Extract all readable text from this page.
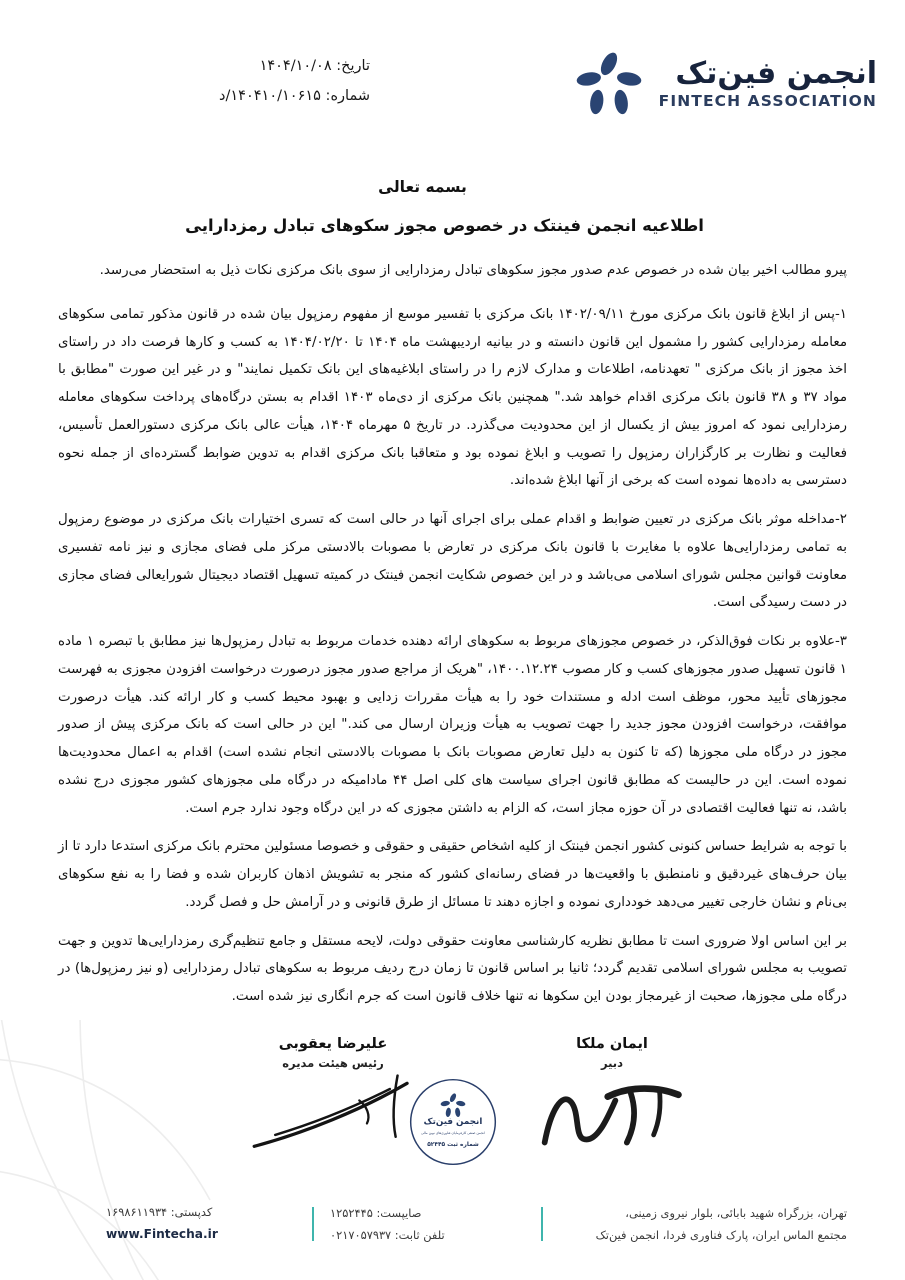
تاریخ: ۱۴۰۴/۱۰/۰۸
شماره: ۱۴۰۴۱۰/۱۰۶۱۵/د
انجمن فین‌تک
FINTECH ASSOCIATION
بسمه تعالی
اطلاعیه انجمن فینتک در خصوص مجوز سکوهای تبادل رمزدارایی

پیرو مطالب اخیر بیان شده در خصوص عدم صدور مجوز سکوهای تبادل رمزدارایی از سوی بانک مرکزی نکات ذیل به استحضار می‌رسد.

۱-پس از ابلاغ قانون بانک مرکزی مورخ ۱۴۰۲/۰۹/۱۱ بانک مرکزی با تفسیر موسع از مفهوم رمزپول بیان شده در قانون مذکور تمامی سکوهای معامله رمزدارایی کشور را مشمول این قانون دانسته و در بیانیه اردیبهشت ماه ۱۴۰۴ تا ۱۴۰۴/۰۲/۲۰ به کسب و کارها فرصت داد در راستای اخذ مجوز از بانک مرکزی " تعهدنامه، اطلاعات و مدارک لازم را در راستای ابلاغیه‌های این بانک تکمیل نمایند" و در غیر این صورت "مطابق با مواد ۳۷ و ۳۸ قانون بانک مرکزی اقدام خواهد شد." همچنین بانک مرکزی از دی‌ماه ۱۴۰۳ اقدام به بستن درگاه‌های پرداخت سکوهای معامله رمزدارایی نمود که امروز بیش از یکسال از این محدودیت می‌گذرد. در تاریخ ۵ مهرماه ۱۴۰۴، هیأت عالی بانک مرکزی دستورالعمل تأسیس، فعالیت و نظارت بر کارگزاران رمزپول را تصویب و ابلاغ نموده بود و متعاقبا بانک مرکزی اقدام به تدوین ضوابط گسترده‌ای از جمله نحوه دسترسی به داده‌ها نموده است که برخی از آنها ابلاغ شده‌اند.

۲-مداخله موثر بانک مرکزی در تعیین ضوابط و اقدام عملی برای اجرای آنها در حالی است که تسری اختیارات بانک مرکزی در موضوع رمزپول به تمامی رمزدارایی‌ها علاوه با مغایرت با قانون بانک مرکزی در تعارض با مصوبات بالادستی مرکز ملی فضای مجازی و نیز نامه تفسیری معاونت قوانین مجلس شورای اسلامی می‌باشد و در این خصوص شکایت انجمن فینتک در کمیته تسهیل اقتصاد دیجیتال شورایعالی فضای مجازی در دست رسیدگی است.

۳-علاوه بر نکات فوق‌الذکر، در خصوص مجوزهای مربوط به سکوهای ارائه دهنده خدمات مربوط به تبادل رمزپول‌ها نیز مطابق با تبصره ۱ ماده ۱ قانون تسهیل صدور مجوزهای کسب و کار مصوب ۱۴۰۰.۱۲.۲۴، "هریک از مراجع صدور مجوز درصورت درخواست افزودن مجوزی به فهرست مجوزهای تأیید محور، موظف است ادله و مستندات خود را به هیأت مقررات زدایی و بهبود محیط کسب و کار ارائه کند. هیأت درصورت موافقت، درخواست افزودن مجوز جدید را جهت تصویب به هیأت وزیران ارسال می کند." این در حالی است که بانک مرکزی پیش از صدور مجوز در درگاه ملی مجوزها (که تا کنون به دلیل تعارض مصوبات بانک با مصوبات بالادستی انجام نشده است) اقدام به اعمال محدودیت‌ها نموده است. این در حالیست که مطابق قانون اجرای سیاست های کلی اصل ۴۴ مادامیکه در درگاه ملی مجوزهای کشور مجوزی درج نشده باشد، نه تنها فعالیت اقتصادی در آن حوزه مجاز است، که الزام به داشتن مجوزی که در این درگاه وجود ندارد جرم است.

با توجه به شرایط حساس کنونی کشور انجمن فینتک از کلیه اشخاص حقیقی و حقوقی و خصوصا مسئولین محترم بانک مرکزی استدعا دارد تا از بیان حرف‌های غیردقیق و نامنطبق با واقعیت‌ها در فضای رسانه‌ای کشور که منجر به تشویش اذهان کاربران شده و فضا را به نفع سکوهای بی‌نام و نشان خارجی تغییر می‌دهد خودداری نموده و اجازه دهند تا مسائل از طرق قانونی و در آرامش حل و فصل گردد.

بر این اساس اولا ضروری است تا مطابق نظریه کارشناسی معاونت حقوقی دولت، لایحه مستقل و جامع تنظیم‌گری رمزدارایی‌ها تدوین و جهت تصویب به مجلس شورای اسلامی تقدیم گردد؛ ثانیا بر اساس قانون تا زمان درج ردیف مربوط به سکوهای تبادل رمزدارایی (و نیز رمزپول‌ها) در درگاه ملی مجوزها، صحبت از غیرمجاز بودن این سکوها نه تنها خلاف قانون است که جرم انگاری نیز شده است.

ایمان ملکا
دبیر
علیرضا یعقوبی
رئیس هیئت مدیره
انجمن فین‌تک
انجمن صنفی کارفرمایان فناوری‌های نوین مالی
شماره ثبت ۵۲۴۴۵
تهران، بزرگراه شهید بابائی، بلوار نیروی زمینی،
مجتمع الماس ایران، پارک فناوری فردا، انجمن فین‌تک
صایپست: ۱۲۵۲۴۴۵
تلفن ثابت: ۰۲۱۷۰۵۷۹۳۷
کدپستی: ۱۶۹۸۶۱۱۹۳۴
www.Fintecha.ir
